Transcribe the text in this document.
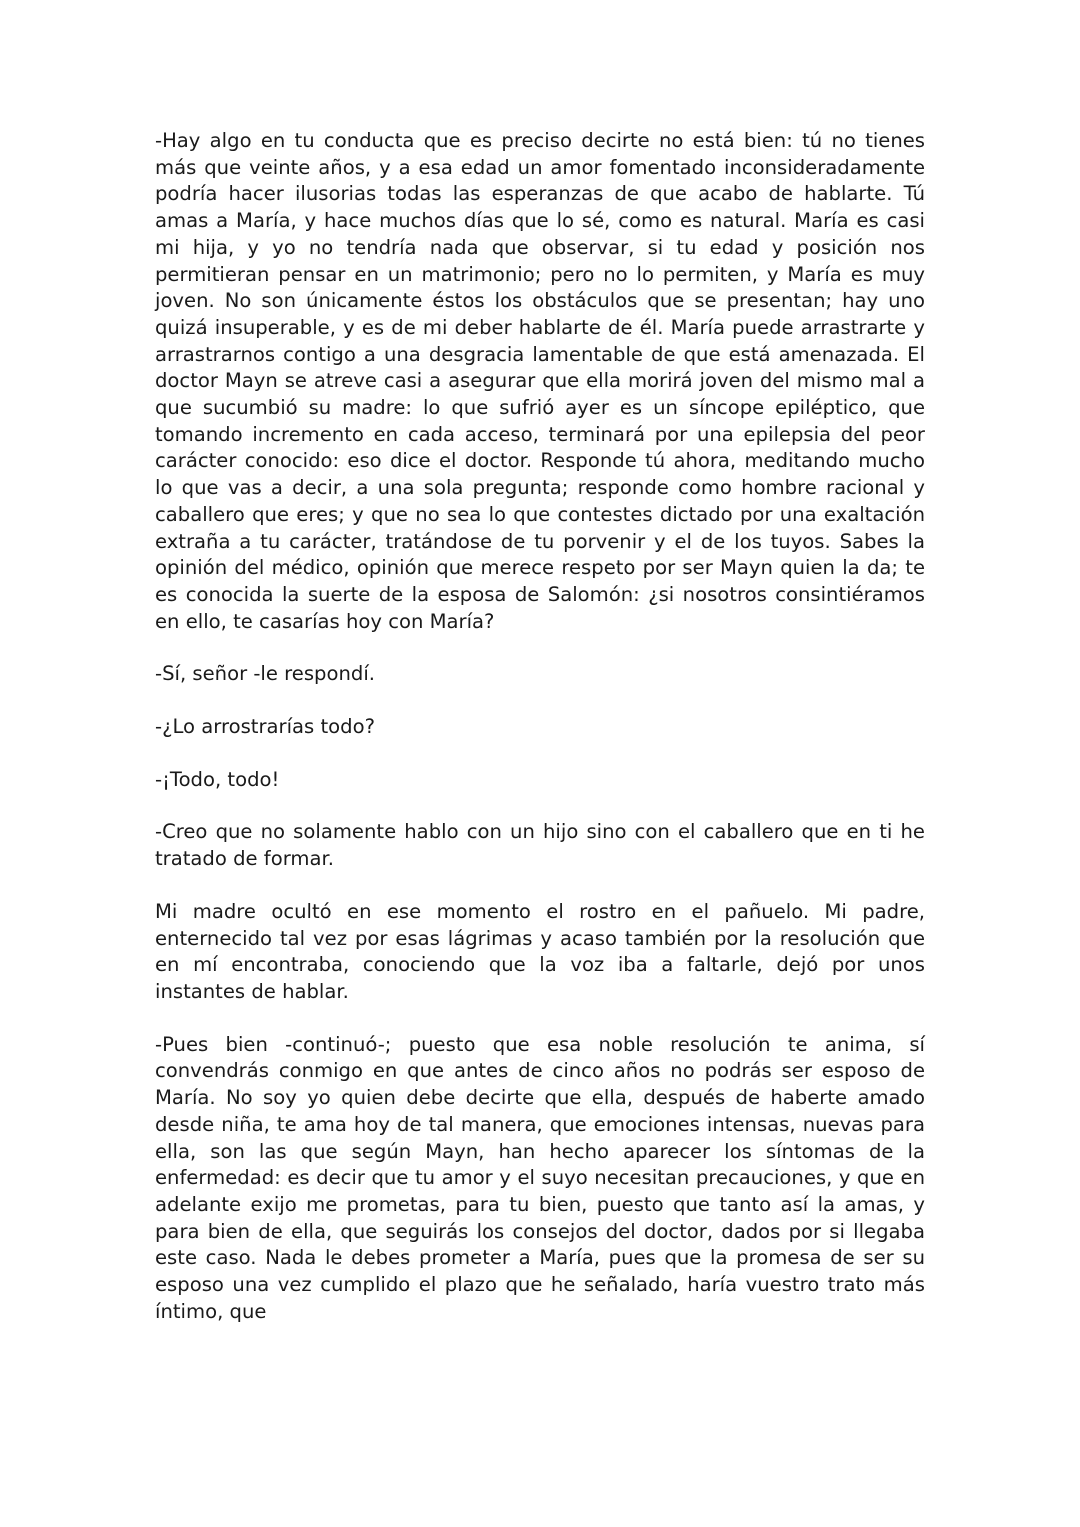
-Hay algo en tu conducta que es preciso decirte no está bien: tú no tienes más que veinte años, y a esa edad un amor fomentado inconsideradamente podría hacer ilusorias todas las esperanzas de que acabo de hablarte. Tú amas a María, y hace muchos días que lo sé, como es natural. María es casi mi hija, y yo no tendría nada que observar, si tu edad y posición nos permitieran pensar en un matrimonio; pero no lo permiten, y María es muy joven. No son únicamente éstos los obstáculos que se presentan; hay uno quizá insuperable, y es de mi deber hablarte de él. María puede arrastrarte y arrastrarnos contigo a una desgracia lamentable de que está amenazada. El doctor Mayn se atreve casi a asegurar que ella morirá joven del mismo mal a que sucumbió su madre: lo que sufrió ayer es un síncope epiléptico, que tomando incremento en cada acceso, terminará por una epilepsia del peor carácter conocido: eso dice el doctor. Responde tú ahora, meditando mucho lo que vas a decir, a una sola pregunta; responde como hombre racional y caballero que eres; y que no sea lo que contestes dictado por una exaltación extraña a tu carácter, tratándose de tu porvenir y el de los tuyos. Sabes la opinión del médico, opinión que merece respeto por ser Mayn quien la da; te es conocida la suerte de la esposa de Salomón: ¿si nosotros consintiéramos en ello, te casarías hoy con María?

-Sí, señor -le respondí.

-¿Lo arrostrarías todo?

-¡Todo, todo!

-Creo que no solamente hablo con un hijo sino con el caballero que en ti he tratado de formar.

Mi madre ocultó en ese momento el rostro en el pañuelo. Mi padre, enternecido tal vez por esas lágrimas y acaso también por la resolución que en mí encontraba, conociendo que la voz iba a faltarle, dejó por unos instantes de hablar.

-Pues bien -continuó-; puesto que esa noble resolución te anima, sí convendrás conmigo en que antes de cinco años no podrás ser esposo de María. No soy yo quien debe decirte que ella, después de haberte amado desde niña, te ama hoy de tal manera, que emociones intensas, nuevas para ella, son las que según Mayn, han hecho aparecer los síntomas de la enfermedad: es decir que tu amor y el suyo necesitan precauciones, y que en adelante exijo me prometas, para tu bien, puesto que tanto así la amas, y para bien de ella, que seguirás los consejos del doctor, dados por si llegaba este caso. Nada le debes prometer a María, pues que la promesa de ser su esposo una vez cumplido el plazo que he señalado, haría vuestro trato más íntimo, que
